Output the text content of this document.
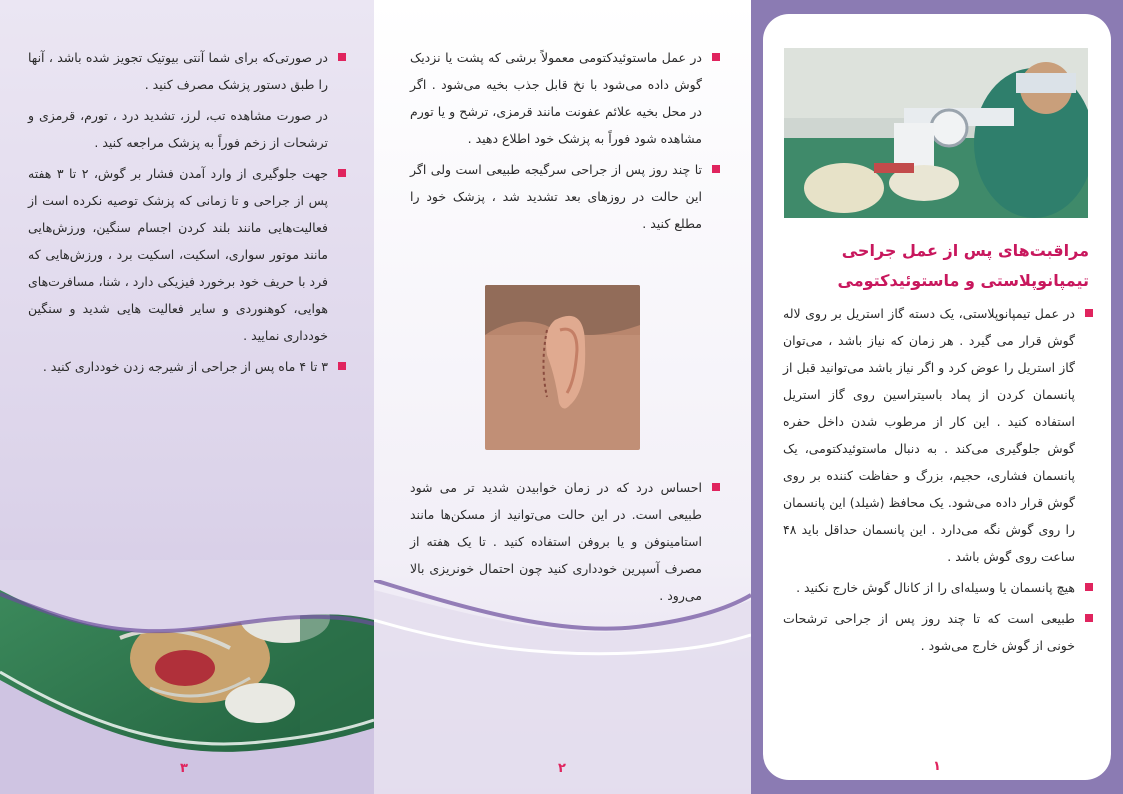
در صورتی‌که برای شما آنتی بیوتیک تجویز شده باشد ، آنها را طبق دستور پزشک مصرف کنید .
در صورت مشاهده تب، لرز، تشدید درد ، تورم، قرمزی و ترشحات از زخم فوراً به پزشک مراجعه کنید .
جهت جلوگیری از وارد آمدن فشار بر گوش، ۲ تا ۳ هفته پس از جراحی و تا زمانی که پزشک توصیه نکرده است از فعالیت‌هایی مانند بلند کردن اجسام سنگین، ورزش‌هایی مانند موتور سواری، اسکیت، اسکیت برد ، ورزش‌هایی که فرد با حریف خود برخورد فیزیکی دارد ، شنا، مسافرت‌های هوایی، کوهنوردی و سایر فعالیت هایی شدید و سنگین خودداری نمایید .
۳ تا ۴ ماه پس از جراحی از شیرجه زدن خودداری کنید .
۳
در عمل ماستوئیدکتومی معمولاً برشی که پشت یا نزدیک گوش داده می‌شود با نخ قابل جذب بخیه می‌شود . اگر در محل بخیه علائم عفونت مانند قرمزی، ترشح و یا تورم مشاهده شود فوراً به پزشک خود اطلاع دهید .
تا چند روز پس از جراحی سرگیجه طبیعی است ولی اگر این حالت در روزهای بعد تشدید شد ، پزشک خود را مطلع کنید .
احساس درد که در زمان خوابیدن شدید تر می شود طبیعی است. در این حالت می‌توانید از مسکن‌ها مانند استامینوفن و یا بروفن استفاده کنید . تا یک هفته از مصرف آسپرین خودداری کنید چون احتمال خونریزی بالا می‌رود .
۲
مراقبت‌های پس از عمل جراحی تیمپانوپلاستی و ماستوئیدکتومی
در عمل تیمپانوپلاستی، یک دسته گاز استریل بر روی لاله گوش قرار می گیرد . هر زمان که نیاز باشد ، می‌توان گاز استریل را عوض کرد و اگر نیاز باشد می‌توانید قبل از پانسمان کردن از پماد باسیتراسین روی گاز استریل استفاده کنید . این کار از مرطوب شدن داخل حفره گوش جلوگیری می‌کند . به دنبال ماستوئیدکتومی، یک پانسمان فشاری، حجیم، بزرگ و حفاظت کننده بر روی گوش قرار داده می‌شود. یک محافظ (شیلد) این پانسمان را روی گوش نگه می‌دارد . این پانسمان حداقل باید ۴۸ ساعت روی گوش باشد .
هیچ پانسمان یا وسیله‌ای را از کانال گوش خارج نکنید .
طبیعی است که تا چند روز پس از جراحی ترشحات خونی از گوش خارج می‌شود .
۱
